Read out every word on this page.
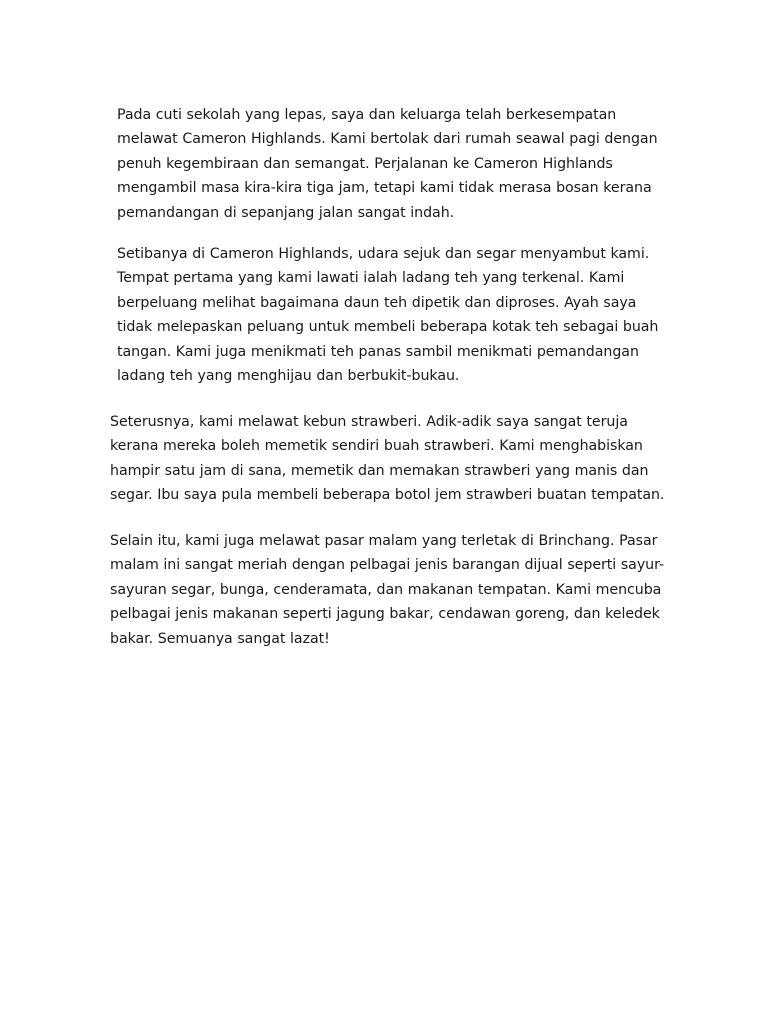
Pada cuti sekolah yang lepas, saya dan keluarga telah berkesempatan melawat Cameron Highlands. Kami bertolak dari rumah seawal pagi dengan penuh kegembiraan dan semangat. Perjalanan ke Cameron Highlands mengambil masa kira-kira tiga jam, tetapi kami tidak merasa bosan kerana pemandangan di sepanjang jalan sangat indah.

Setibanya di Cameron Highlands, udara sejuk dan segar menyambut kami. Tempat pertama yang kami lawati ialah ladang teh yang terkenal. Kami berpeluang melihat bagaimana daun teh dipetik dan diproses. Ayah saya tidak melepaskan peluang untuk membeli beberapa kotak teh sebagai buah tangan. Kami juga menikmati teh panas sambil menikmati pemandangan ladang teh yang menghijau dan berbukit-bukau.

Seterusnya, kami melawat kebun strawberi. Adik-adik saya sangat teruja kerana mereka boleh memetik sendiri buah strawberi. Kami menghabiskan hampir satu jam di sana, memetik dan memakan strawberi yang manis dan segar. Ibu saya pula membeli beberapa botol jem strawberi buatan tempatan.

Selain itu, kami juga melawat pasar malam yang terletak di Brinchang. Pasar malam ini sangat meriah dengan pelbagai jenis barangan dijual seperti sayur-sayuran segar, bunga, cenderamata, dan makanan tempatan. Kami mencuba pelbagai jenis makanan seperti jagung bakar, cendawan goreng, dan keledek bakar. Semuanya sangat lazat!
